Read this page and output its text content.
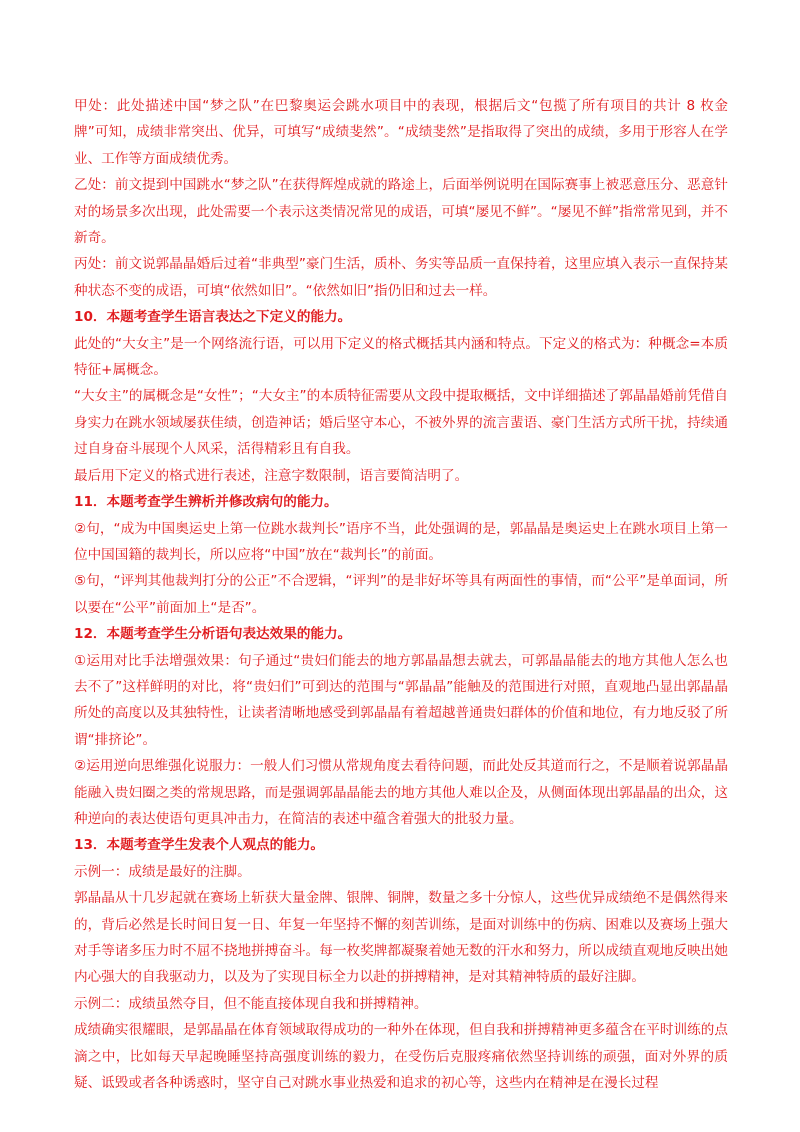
甲处：此处描述中国“梦之队”在巴黎奥运会跳水项目中的表现，根据后文“包揽了所有项目的共计 8 枚金牌”可知，成绩非常突出、优异，可填写“成绩斐然”。“成绩斐然”是指取得了突出的成绩，多用于形容人在学业、工作等方面成绩优秀。

乙处：前文提到中国跳水“梦之队”在获得辉煌成就的路途上，后面举例说明在国际赛事上被恶意压分、恶意针对的场景多次出现，此处需要一个表示这类情况常见的成语，可填“屡见不鲜”。“屡见不鲜”指常常见到，并不新奇。

丙处：前文说郭晶晶婚后过着“非典型”豪门生活，质朴、务实等品质一直保持着，这里应填入表示一直保持某种状态不变的成语，可填“依然如旧”。“依然如旧”指仍旧和过去一样。

10．本题考查学生语言表达之下定义的能力。

此处的“大女主”是一个网络流行语，可以用下定义的格式概括其内涵和特点。下定义的格式为：种概念=本质特征+属概念。

“大女主”的属概念是“女性”；“大女主”的本质特征需要从文段中提取概括，文中详细描述了郭晶晶婚前凭借自身实力在跳水领域屡获佳绩，创造神话；婚后坚守本心，不被外界的流言蜚语、豪门生活方式所干扰，持续通过自身奋斗展现个人风采，活得精彩且有自我。

最后用下定义的格式进行表述，注意字数限制，语言要简洁明了。

11．本题考查学生辨析并修改病句的能力。

②句，“成为中国奥运史上第一位跳水裁判长”语序不当，此处强调的是，郭晶晶是奥运史上在跳水项目上第一位中国国籍的裁判长，所以应将“中国”放在“裁判长”的前面。

⑤句，“评判其他裁判打分的公正”不合逻辑，“评判”的是非好坏等具有两面性的事情，而“公平”是单面词，所以要在“公平”前面加上“是否”。

12．本题考查学生分析语句表达效果的能力。

①运用对比手法增强效果：句子通过“贵妇们能去的地方郭晶晶想去就去，可郭晶晶能去的地方其他人怎么也去不了”这样鲜明的对比，将“贵妇们”可到达的范围与“郭晶晶”能触及的范围进行对照，直观地凸显出郭晶晶所处的高度以及其独特性，让读者清晰地感受到郭晶晶有着超越普通贵妇群体的价值和地位，有力地反驳了所谓“排挤论”。

②运用逆向思维强化说服力：一般人们习惯从常规角度去看待问题，而此处反其道而行之，不是顺着说郭晶晶能融入贵妇圈之类的常规思路，而是强调郭晶晶能去的地方其他人难以企及，从侧面体现出郭晶晶的出众，这种逆向的表达使语句更具冲击力，在简洁的表述中蕴含着强大的批驳力量。

13．本题考查学生发表个人观点的能力。

示例一：成绩是最好的注脚。

郭晶晶从十几岁起就在赛场上斩获大量金牌、银牌、铜牌，数量之多十分惊人，这些优异成绩绝不是偶然得来的，背后必然是长时间日复一日、年复一年坚持不懈的刻苦训练，是面对训练中的伤病、困难以及赛场上强大对手等诸多压力时不屈不挠地拼搏奋斗。每一枚奖牌都凝聚着她无数的汗水和努力，所以成绩直观地反映出她内心强大的自我驱动力，以及为了实现目标全力以赴的拼搏精神，是对其精神特质的最好注脚。

示例二：成绩虽然夺目，但不能直接体现自我和拼搏精神。

成绩确实很耀眼，是郭晶晶在体育领域取得成功的一种外在体现，但自我和拼搏精神更多蕴含在平时训练的点滴之中，比如每天早起晚睡坚持高强度训练的毅力，在受伤后克服疼痛依然坚持训练的顽强，面对外界的质疑、诋毁或者各种诱惑时，坚守自己对跳水事业热爱和追求的初心等，这些内在精神是在漫长过程
